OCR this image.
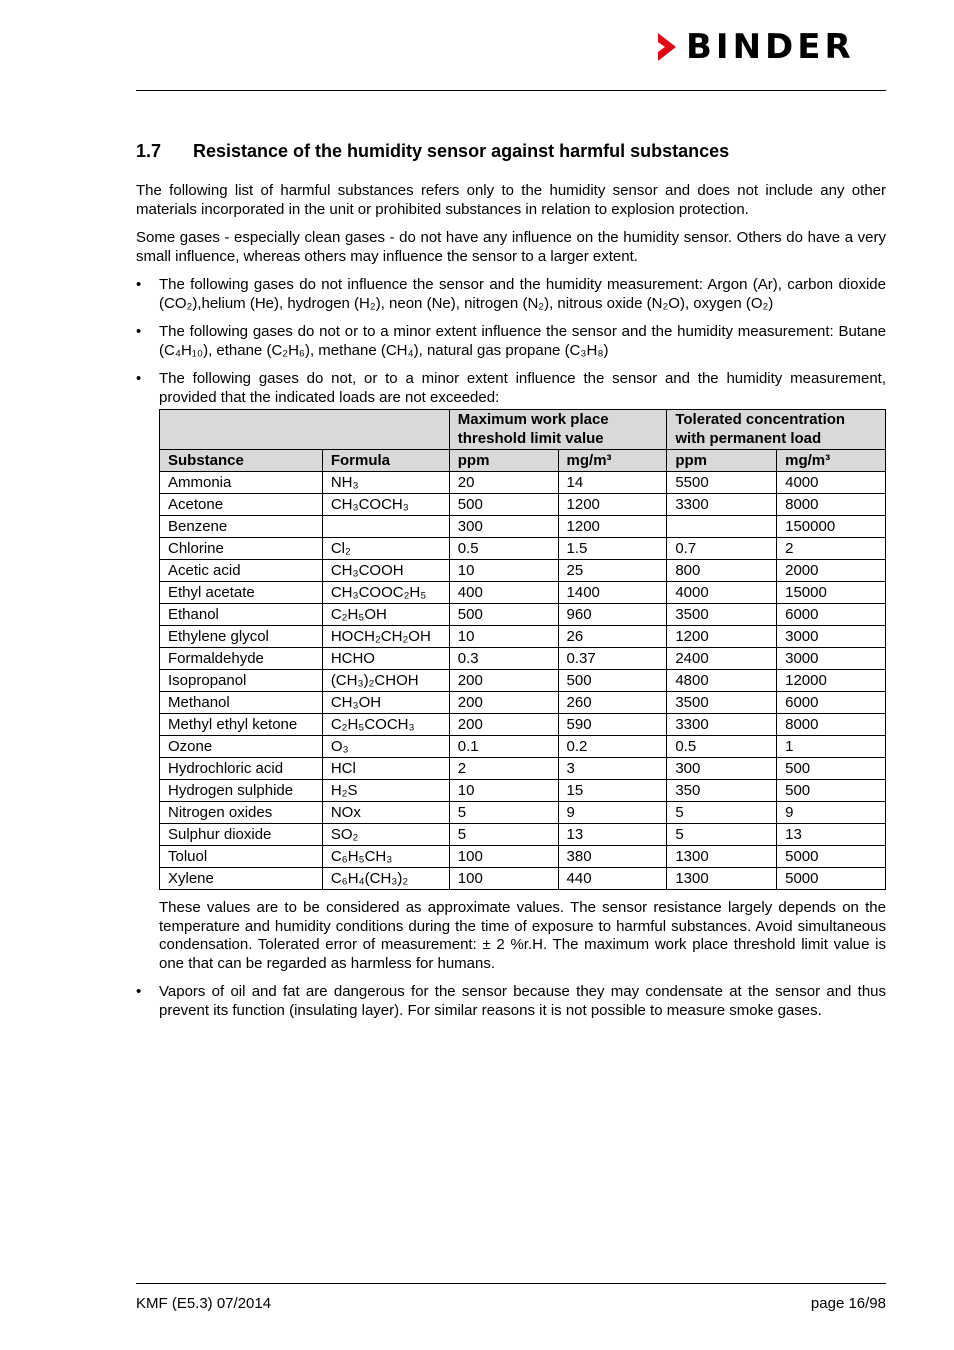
BINDER
1.7	Resistance of the humidity sensor against harmful substances

The following list of harmful substances refers only to the humidity sensor and does not include any other materials incorporated in the unit or prohibited substances in relation to explosion protection.

Some gases - especially clean gases - do not have any influence on the humidity sensor. Others do have a very small influence, whereas others may influence the sensor to a larger extent.

• The following gases do not influence the sensor and the humidity measurement: Argon (Ar), carbon dioxide (CO₂),helium (He), hydrogen (H₂), neon (Ne), nitrogen (N₂), nitrous oxide (N₂O), oxygen (O₂)
• The following gases do not or to a minor extent influence the sensor and the humidity measurement: Butane (C₄H₁₀), ethane (C₂H₆), methane (CH₄), natural gas propane (C₃H₈)
• The following gases do not, or to a minor extent influence the sensor and the humidity measurement, provided that the indicated loads are not exceeded:
		Maximum work place threshold limit value		Tolerated concentration with permanent load	
Substance	Formula	ppm	mg/m³	ppm	mg/m³
Ammonia	NH₃	20	14	5500	4000
Acetone	CH₃COCH₃	500	1200	3300	8000
Benzene		300	1200		150000
Chlorine	Cl₂	0.5	1.5	0.7	2
Acetic acid	CH₃COOH	10	25	800	2000
Ethyl acetate	CH₃COOC₂H₅	400	1400	4000	15000
Ethanol	C₂H₅OH	500	960	3500	6000
Ethylene glycol	HOCH₂CH₂OH	10	26	1200	3000
Formaldehyde	HCHO	0.3	0.37	2400	3000
Isopropanol	(CH₃)₂CHOH	200	500	4800	12000
Methanol	CH₃OH	200	260	3500	6000
Methyl ethyl ketone	C₂H₅COCH₃	200	590	3300	8000
Ozone	O₃	0.1	0.2	0.5	1
Hydrochloric acid	HCl	2	3	300	500
Hydrogen sulphide	H₂S	10	15	350	500
Nitrogen oxides	NOx	5	9	5	9
Sulphur dioxide	SO₂	5	13	5	13
Toluol	C₆H₅CH₃	100	380	1300	5000
Xylene	C₆H₄(CH₃)₂	100	440	1300	5000

These values are to be considered as approximate values. The sensor resistance largely depends on the temperature and humidity conditions during the time of exposure to harmful substances. Avoid simultaneous condensation. Tolerated error of measurement: ± 2 %r.H. The maximum work place threshold limit value is one that can be regarded as harmless for humans.

• Vapors of oil and fat are dangerous for the sensor because they may condensate at the sensor and thus prevent its function (insulating layer). For similar reasons it is not possible to measure smoke gases.
KMF (E5.3) 07/2014	page 16/98
